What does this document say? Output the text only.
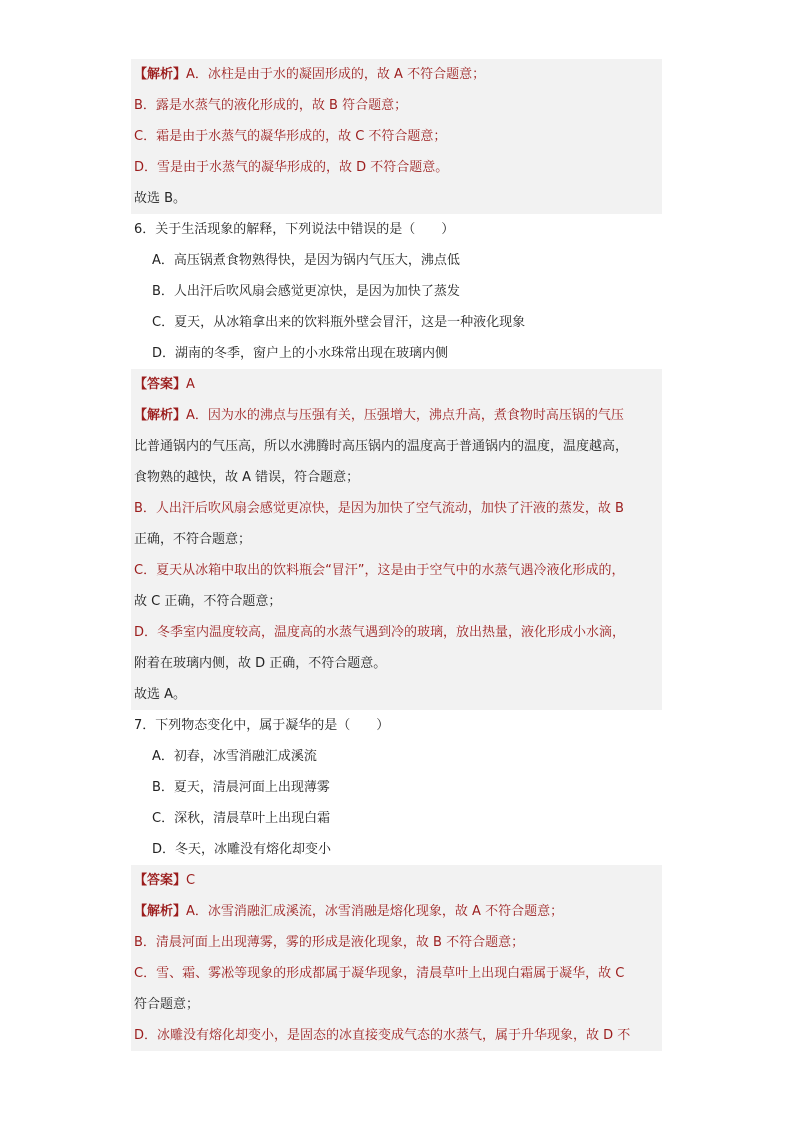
【解析】A．冰柱是由于水的凝固形成的，故 A 不符合题意；
B．露是水蒸气的液化形成的，故 B 符合题意；
C．霜是由于水蒸气的凝华形成的，故 C 不符合题意；
D．雪是由于水蒸气的凝华形成的，故 D 不符合题意。
故选 B。
6．关于生活现象的解释，下列说法中错误的是（　　）
A．高压锅煮食物熟得快，是因为锅内气压大，沸点低
B．人出汗后吹风扇会感觉更凉快，是因为加快了蒸发
C．夏天，从冰箱拿出来的饮料瓶外壁会冒汗，这是一种液化现象
D．湖南的冬季，窗户上的小水珠常出现在玻璃内侧
【答案】A
【解析】A．因为水的沸点与压强有关，压强增大，沸点升高，煮食物时高压锅的气压
比普通锅内的气压高，所以水沸腾时高压锅内的温度高于普通锅内的温度，温度越高，
食物熟的越快，故 A 错误，符合题意；
B．人出汗后吹风扇会感觉更凉快，是因为加快了空气流动，加快了汗液的蒸发，故 B
正确，不符合题意；
C．夏天从冰箱中取出的饮料瓶会“冒汗”，这是由于空气中的水蒸气遇冷液化形成的，
故 C 正确，不符合题意；
D．冬季室内温度较高，温度高的水蒸气遇到冷的玻璃，放出热量，液化形成小水滴，
附着在玻璃内侧，故 D 正确，不符合题意。
故选 A。
7．下列物态变化中，属于凝华的是（　　）
A．初春，冰雪消融汇成溪流
B．夏天，清晨河面上出现薄雾
C．深秋，清晨草叶上出现白霜
D．冬天，冰雕没有熔化却变小
【答案】C
【解析】A．冰雪消融汇成溪流，冰雪消融是熔化现象，故 A 不符合题意；
B．清晨河面上出现薄雾，雾的形成是液化现象，故 B 不符合题意；
C．雪、霜、雾凇等现象的形成都属于凝华现象，清晨草叶上出现白霜属于凝华，故 C
符合题意；
D．冰雕没有熔化却变小，是固态的冰直接变成气态的水蒸气，属于升华现象，故 D 不
